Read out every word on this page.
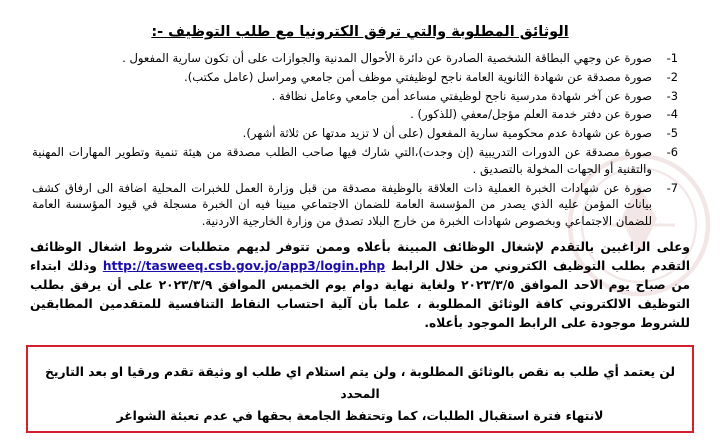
الوثائق المطلوبة والتي ترفق الكترونيا مع طلب التوظيف -:
1-
صورة عن وجهي البطاقة الشخصية الصادرة عن دائرة الأحوال المدنية والجوازات على أن تكون سارية المفعول .
2-
صورة مصدقة عن شهادة الثانوية العامة ناجح لوظيفتي موظف أمن جامعي ومراسل (عامل مكتب).
3-
صورة عن آخر شهادة مدرسية ناجح لوظيفتي مساعد أمن جامعي وعامل نظافة .
4-
صورة عن دفتر خدمة العلم مؤجل/معفي (للذكور) .
5-
صورة عن شهادة عدم محكومية سارية المفعول (على أن لا تزيد مدتها عن ثلاثة أشهر).
6-
صورة مصدقة عن الدورات التدريبية (إن وجدت)،التي شارك فيها صاحب الطلب مصدقة من هيئة تنمية وتطوير المهارات المهنية والتقنية أو الجهات المخولة بالتصديق .
7-
صورة عن شهادات الخبرة العملية ذات العلاقة بالوظيفة مصدقة من قبل وزارة العمل للخبرات المحلية اضافة الى ارفاق كشف بيانات المؤمن عليه الذي يصدر من المؤسسة العامة للضمان الاجتماعي مبينا فيه ان الخبرة مسجلة في قيود المؤسسة العامة للضمان الاجتماعي وبخصوص شهادات الخبرة من خارج البلاد تصدق من وزارة الخارجية الاردنية.
وعلى الراغبين بالتقدم لإشغال الوظائف المبينة بأعلاه وممن تتوفر لديهم متطلبات شروط اشغال الوظائف التقدم بطلب التوظيف الكتروني من خلال الرابط http://tasweeq.csb.gov.jo/app3/login.php وذلك ابتداء من صباح يوم الاحد الموافق ٢٠٢٣/٣/٥ ولغاية نهاية دوام يوم الخميس الموافق ٢٠٢٣/٣/٩ على أن يرفق بطلب التوظيف الالكتروني كافة الوثائق المطلوبة ، علما بأن آلية احتساب النقاط التنافسية للمتقدمين المطابقين للشروط موجودة على الرابط الموجود بأعلاه.
لن يعتمد أي طلب به نقص بالوثائق المطلوبة ، ولن يتم استلام اي طلب او وثيقة تقدم ورقيا او بعد التاريخ المحدد
لانتهاء فترة استقبال الطلبات، كما وتحتفظ الجامعة بحقها في عدم تعبئة الشواغر
